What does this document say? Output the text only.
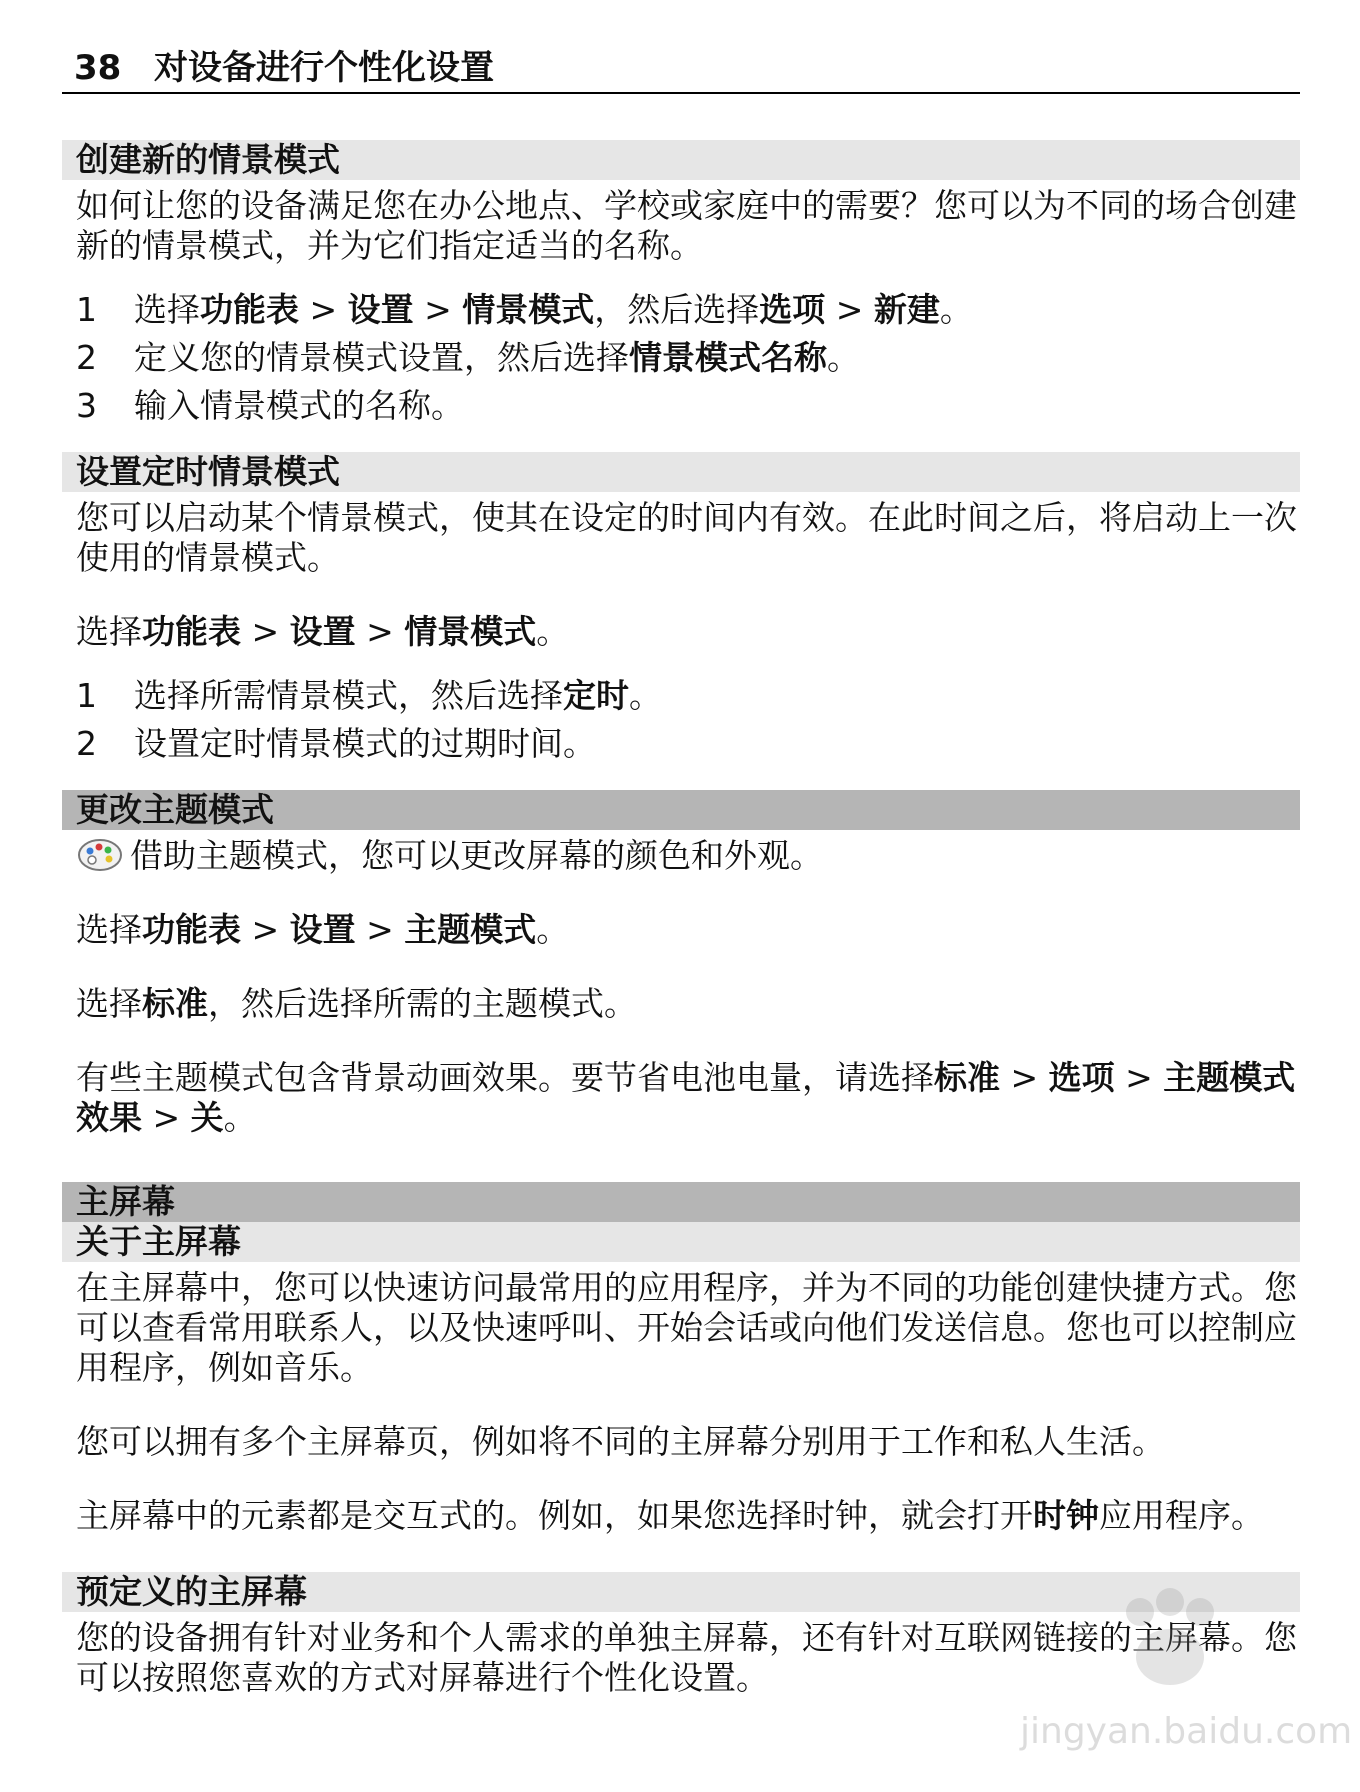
38 对设备进行个性化设置
创建新的情景模式

如何让您的设备满足您在办公地点、学校或家庭中的需要？您可以为不同的场合创建新的情景模式，并为它们指定适当的名称。

1	选择功能表 > 设置 > 情景模式，然后选择选项 > 新建。
2	定义您的情景模式设置，然后选择情景模式名称。
3	输入情景模式的名称。
设置定时情景模式

您可以启动某个情景模式，使其在设定的时间内有效。在此时间之后，将启动上一次使用的情景模式。

选择功能表 > 设置 > 情景模式。

1	选择所需情景模式，然后选择定时。
2	设置定时情景模式的过期时间。
更改主题模式

借助主题模式，您可以更改屏幕的颜色和外观。

选择功能表 > 设置 > 主题模式。

选择标准，然后选择所需的主题模式。

有些主题模式包含背景动画效果。要节省电池电量，请选择标准 > 选项 > 主题模式效果 > 关。

主屏幕
关于主屏幕

在主屏幕中，您可以快速访问最常用的应用程序，并为不同的功能创建快捷方式。您可以查看常用联系人，以及快速呼叫、开始会话或向他们发送信息。您也可以控制应用程序，例如音乐。

您可以拥有多个主屏幕页，例如将不同的主屏幕分别用于工作和私人生活。

主屏幕中的元素都是交互式的。例如，如果您选择时钟，就会打开时钟应用程序。

预定义的主屏幕

您的设备拥有针对业务和个人需求的单独主屏幕，还有针对互联网链接的主屏幕。您可以按照您喜欢的方式对屏幕进行个性化设置。

jingyan.baidu.com
